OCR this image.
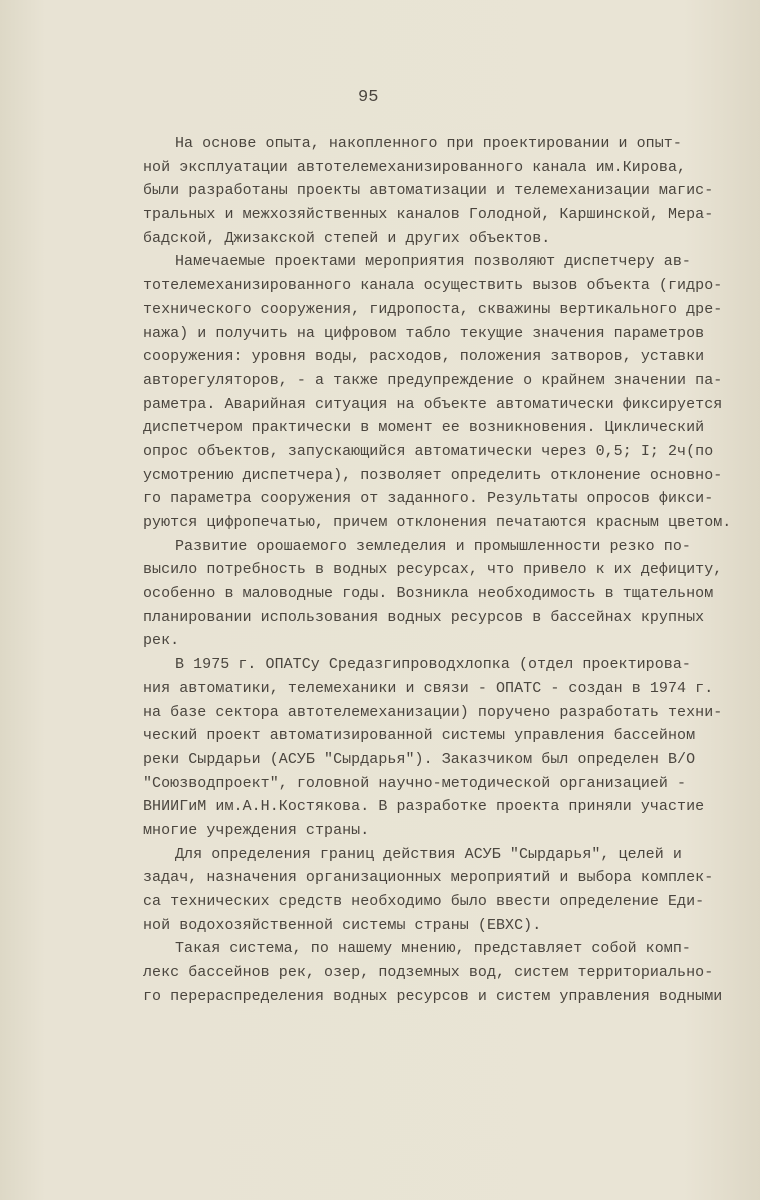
95
На основе опыта, накопленного при проектировании и опыт-
ной эксплуатации автотелемеханизированного канала им.Кирова,
были разработаны проекты автоматизации и телемеханизации магис-
тральных и межхозяйственных каналов Голодной, Каршинской, Мера-
бадской, Джизакской степей и других объектов.
Намечаемые проектами мероприятия позволяют диспетчеру ав-
тотелемеханизированного канала осуществить вызов объекта (гидро-
технического сооружения, гидропоста, скважины вертикального дре-
нажа) и получить на цифровом табло текущие значения параметров
сооружения: уровня воды, расходов, положения затворов, уставки
авторегуляторов, - а также предупреждение о крайнем значении па-
раметра. Аварийная ситуация на объекте автоматически фиксируется
диспетчером практически в момент ее возникновения. Циклический
опрос объектов, запускающийся автоматически через 0,5; I; 2ч(по
усмотрению диспетчера), позволяет определить отклонение основно-
го параметра сооружения от заданного. Результаты опросов фикси-
руются цифропечатью, причем отклонения печатаются красным цветом.
Развитие орошаемого земледелия и промышленности резко по-
высило потребность в водных ресурсах, что привело к их дефициту,
особенно в маловодные годы. Возникла необходимость в тщательном
планировании использования водных ресурсов в бассейнах крупных
рек.
В 1975 г. ОПАТСу Средазгипроводхлопка (отдел проектирова-
ния автоматики, телемеханики и связи - ОПАТС - создан в 1974 г.
на базе сектора автотелемеханизации) поручено разработать техни-
ческий проект автоматизированной системы управления бассейном
реки Сырдарьи (АСУБ "Сырдарья"). Заказчиком был определен В/О
"Союзводпроект", головной научно-методической организацией -
ВНИИГиМ им.А.Н.Костякова. В разработке проекта приняли участие
многие учреждения страны.
Для определения границ действия АСУБ "Сырдарья", целей и
задач, назначения организационных мероприятий и выбора комплек-
са технических средств необходимо было ввести определение Еди-
ной водохозяйственной системы страны (ЕВХС).
Такая система, по нашему мнению, представляет собой комп-
лекс бассейнов рек, озер, подземных вод, систем территориально-
го перераспределения водных ресурсов и систем управления водными
